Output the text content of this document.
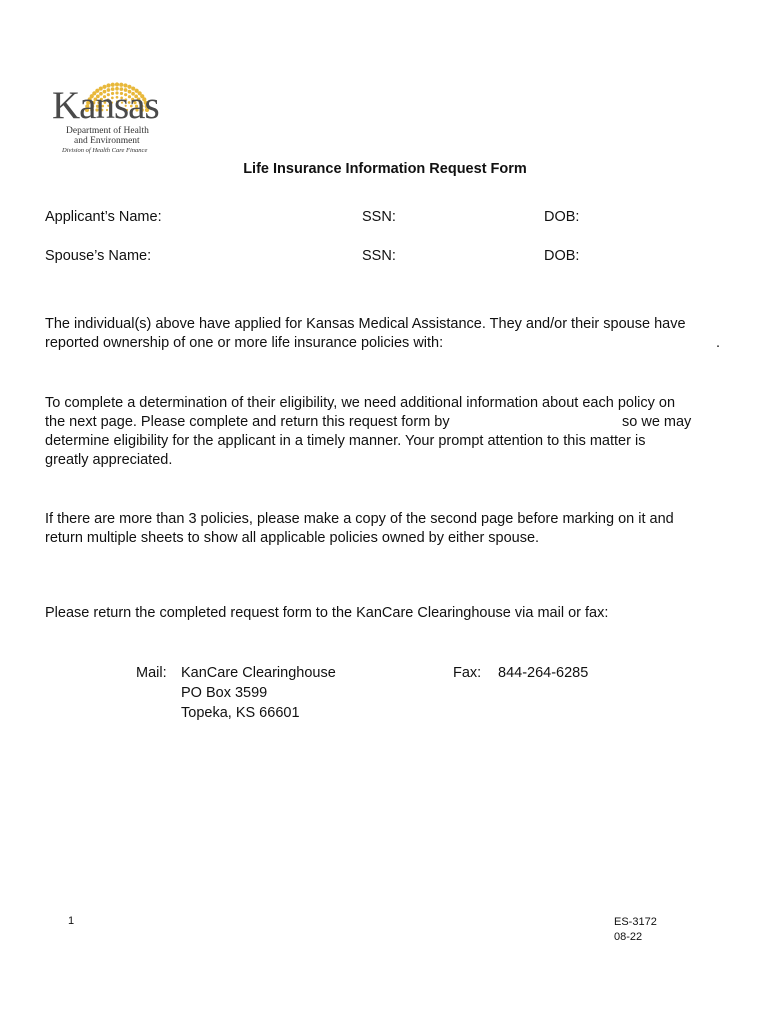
Kansas
Department of Health
and Environment
Division of Health Care Finance
Life Insurance Information Request Form
Applicant’s Name:	SSN:	DOB:
Spouse’s Name:	SSN:	DOB:
The individual(s) above have applied for Kansas Medical Assistance. They and/or their spouse have
reported ownership of one or more life insurance policies with:	.
To complete a determination of their eligibility, we need additional information about each policy on
the next page. Please complete and return this request form by	so we may
determine eligibility for the applicant in a timely manner. Your prompt attention to this matter is
greatly appreciated.
If there are more than 3 policies, please make a copy of the second page before marking on it and
return multiple sheets to show all applicable policies owned by either spouse.
Please return the completed request form to the KanCare Clearinghouse via mail or fax:
Mail: KanCare Clearinghouse
PO Box 3599
Topeka, KS 66601
Fax: 844-264-6285
1	ES-3172
08-22
